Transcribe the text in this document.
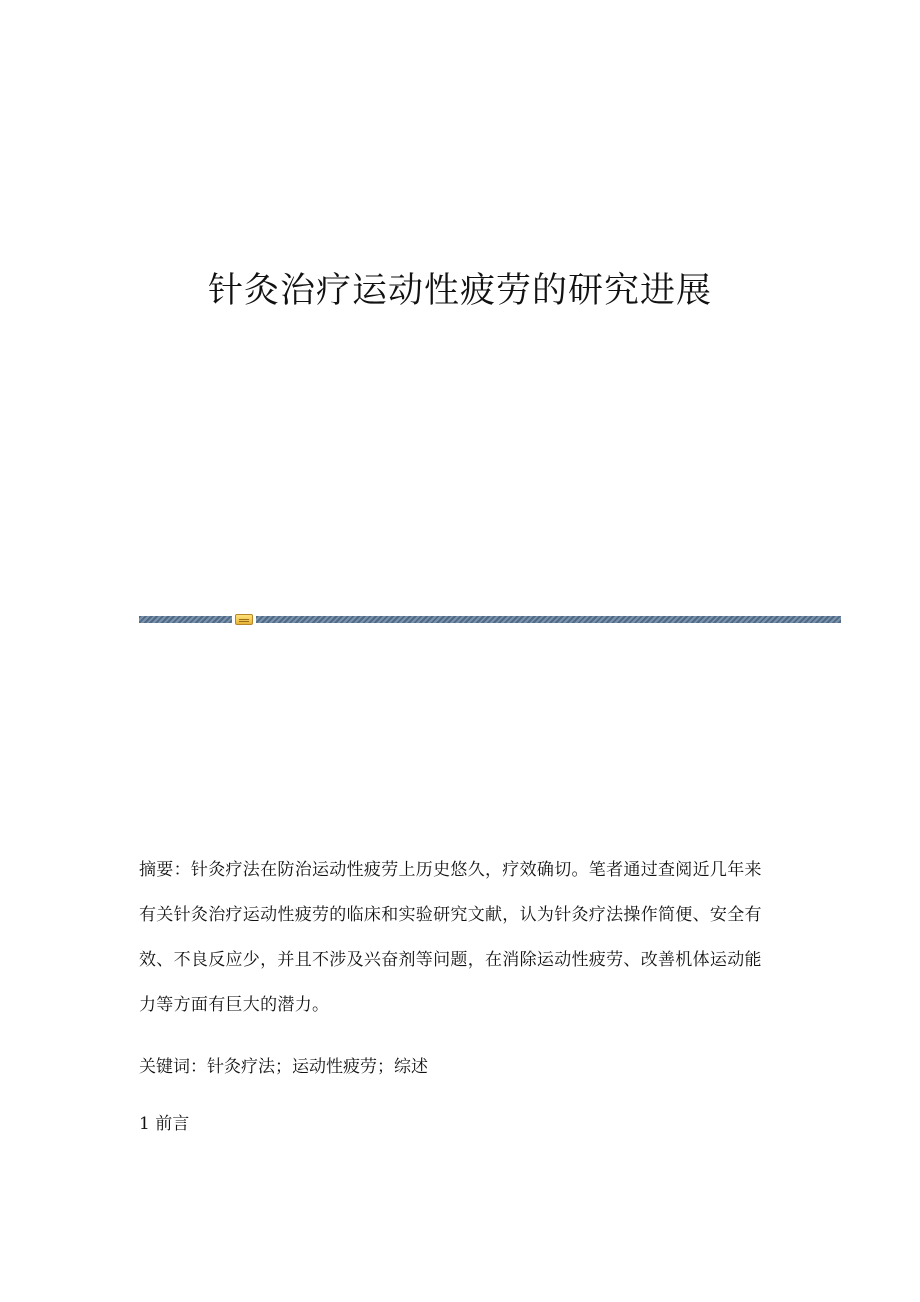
针灸治疗运动性疲劳的研究进展

摘要：针灸疗法在防治运动性疲劳上历史悠久，疗效确切。笔者通过查阅近几年来有关针灸治疗运动性疲劳的临床和实验研究文献，认为针灸疗法操作简便、安全有效、不良反应少，并且不涉及兴奋剂等问题，在消除运动性疲劳、改善机体运动能力等方面有巨大的潜力。

关键词：针灸疗法；运动性疲劳；综述

1 前言
